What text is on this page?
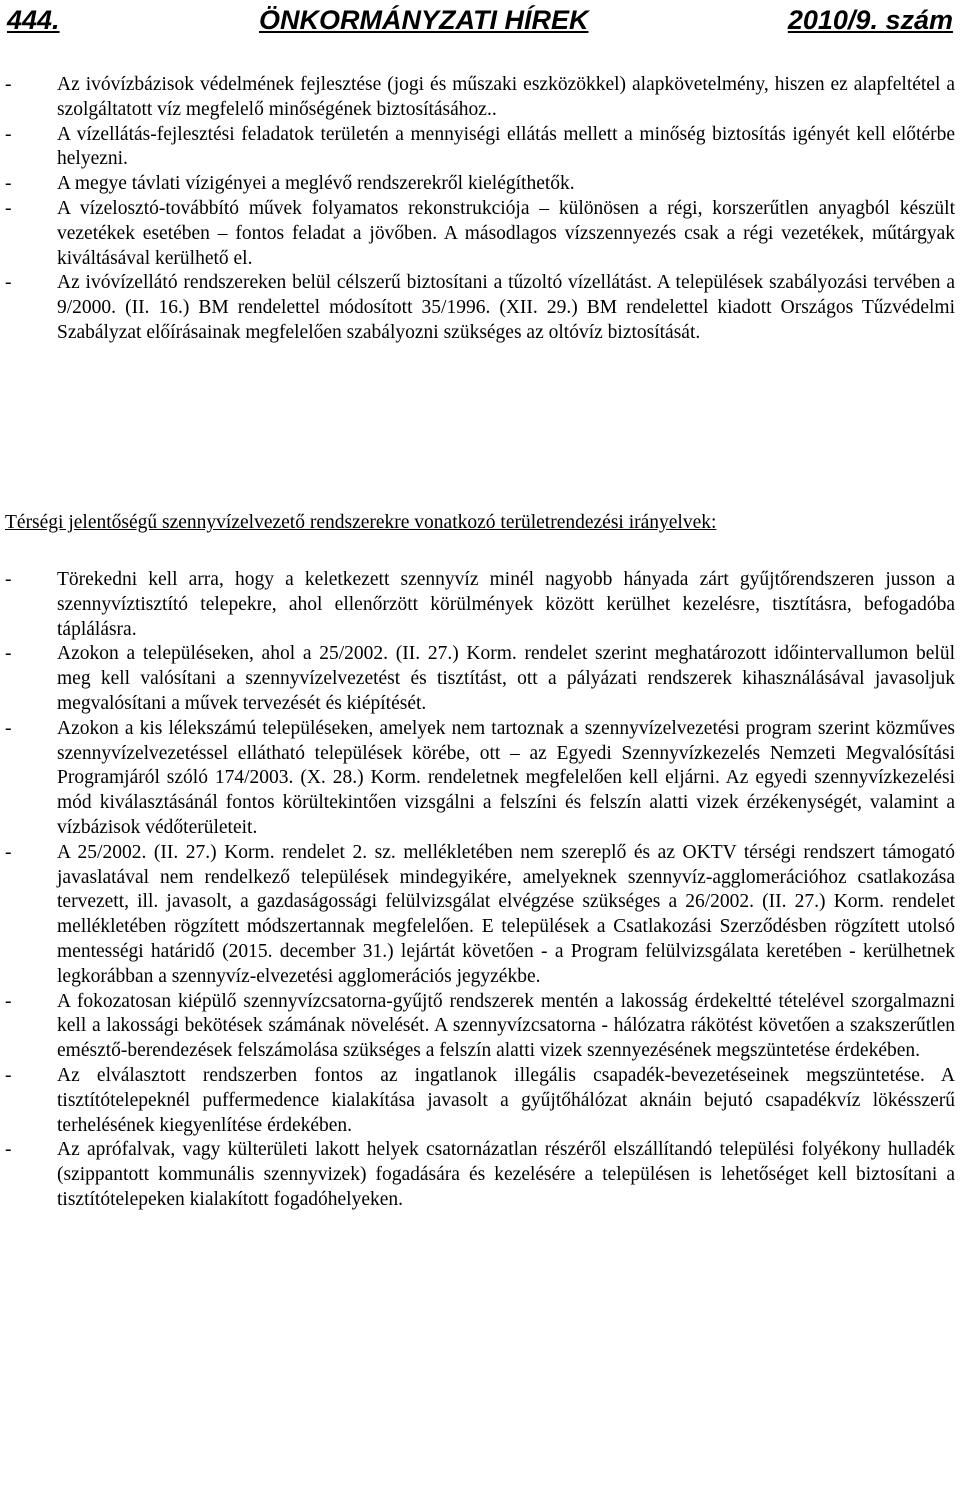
444.	ÖNKORMÁNYZATI HÍREK	2010/9. szám
-	Az ivóvízbázisok védelmének fejlesztése (jogi és műszaki eszközökkel) alapkövetelmény, hiszen ez alapfeltétel a szolgáltatott víz megfelelő minőségének biztosításához..
-	A vízellátás-fejlesztési feladatok területén a mennyiségi ellátás mellett a minőség biztosítás igényét kell előtérbe helyezni.
-	A megye távlati vízigényei a meglévő rendszerekről kielégíthetők.
-	A vízelosztó-továbbító művek folyamatos rekonstrukciója – különösen a régi, korszerűtlen anyagból készült vezetékek esetében – fontos feladat a jövőben. A másodlagos vízszennyezés csak a régi vezetékek, műtárgyak kiváltásával kerülhető el.
-	Az ivóvízellátó rendszereken belül célszerű biztosítani a tűzoltó vízellátást. A települések szabályozási tervében a 9/2000. (II. 16.) BM rendelettel módosított 35/1996. (XII. 29.) BM rendelettel kiadott Országos Tűzvédelmi Szabályzat előírásainak megfelelően szabályozni szükséges az oltóvíz biztosítását.
Térségi jelentőségű szennyvízelvezető rendszerekre vonatkozó területrendezési irányelvek:
-	Törekedni kell arra, hogy a keletkezett szennyvíz minél nagyobb hányada zárt gyűjtőrendszeren jusson a szennyvíztisztító telepekre, ahol ellenőrzött körülmények között kerülhet kezelésre, tisztításra, befogadóba táplálásra.
-	Azokon a településeken, ahol a 25/2002. (II. 27.) Korm. rendelet szerint meghatározott időintervallumon belül meg kell valósítani a szennyvízelvezetést és tisztítást, ott a pályázati rendszerek kihasználásával javasoljuk megvalósítani a művek tervezését és kiépítését.
-	Azokon a kis lélekszámú településeken, amelyek nem tartoznak a szennyvízelvezetési program szerint közműves szennyvízelvezetéssel ellátható települések körébe, ott – az Egyedi Szennyvízkezelés Nemzeti Megvalósítási Programjáról szóló 174/2003. (X. 28.) Korm. rendeletnek megfelelően kell eljárni. Az egyedi szennyvízkezelési mód kiválasztásánál fontos körültekintően vizsgálni a felszíni és felszín alatti vizek érzékenységét, valamint a vízbázisok védőterületeit.
-	A 25/2002. (II. 27.) Korm. rendelet 2. sz. mellékletében nem szereplő és az OKTV térségi rendszert támogató javaslatával nem rendelkező települések mindegyikére, amelyeknek szennyvíz-agglomerációhoz csatlakozása tervezett, ill. javasolt, a gazdaságossági felülvizsgálat elvégzése szükséges a 26/2002. (II. 27.) Korm. rendelet mellékletében rögzített módszertannak megfelelően. E települések a Csatlakozási Szerződésben rögzített utolsó mentességi határidő (2015. december 31.) lejártát követően - a Program felülvizsgálata keretében - kerülhetnek legkorábban a szennyvíz-elvezetési agglomerációs jegyzékbe.
-	A fokozatosan kiépülő szennyvízcsatorna-gyűjtő rendszerek mentén a lakosság érdekeltté tételével szorgalmazni kell a lakossági bekötések számának növelését. A szennyvízcsatorna - hálózatra rákötést követően a szakszerűtlen emésztő-berendezések felszámolása szükséges a felszín alatti vizek szennyezésének megszüntetése érdekében.
-	Az elválasztott rendszerben fontos az ingatlanok illegális csapadék-bevezetéseinek megszüntetése. A tisztítótelepeknél puffermedence kialakítása javasolt a gyűjtőhálózat aknáin bejutó csapadékvíz lökésszerű terhelésének kiegyenlítése érdekében.
-	Az aprófalvak, vagy külterületi lakott helyek csatornázatlan részéről elszállítandó települési folyékony hulladék (szippantott kommunális szennyvizek) fogadására és kezelésére a településen is lehetőséget kell biztosítani a tisztítótelepeken kialakított fogadóhelyeken.
